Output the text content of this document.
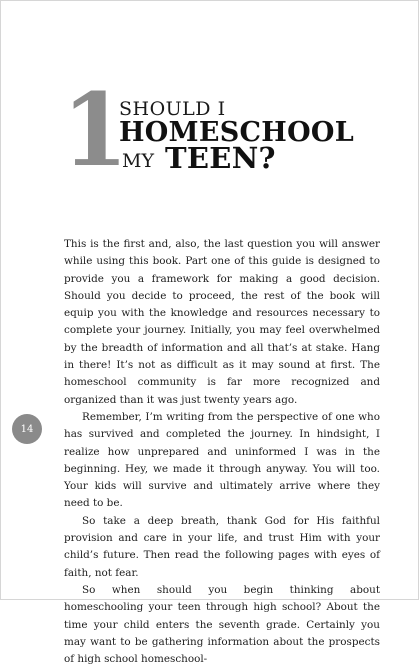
1
SHOULD I
HOMESCHOOL
MY TEEN?

This is the first and, also, the last question you will answer while using this book. Part one of this guide is designed to provide you a framework for making a good decision. Should you decide to proceed, the rest of the book will equip you with the knowledge and resources necessary to complete your journey. Initially, you may feel overwhelmed by the breadth of information and all that’s at stake. Hang in there! It’s not as difficult as it may sound at first. The homeschool community is far more recognized and organized than it was just twenty years ago.

Remember, I’m writing from the perspective of one who has survived and completed the journey. In hindsight, I realize how unprepared and uninformed I was in the beginning. Hey, we made it through anyway. You will too. Your kids will survive and ultimately arrive where they need to be.

So take a deep breath, thank God for His faithful provision and care in your life, and trust Him with your child’s future. Then read the following pages with eyes of faith, not fear.

So when should you begin thinking about homeschooling your teen through high school? About the time your child enters the seventh grade. Certainly you may want to be gathering information about the prospects of high school homeschool-

14
